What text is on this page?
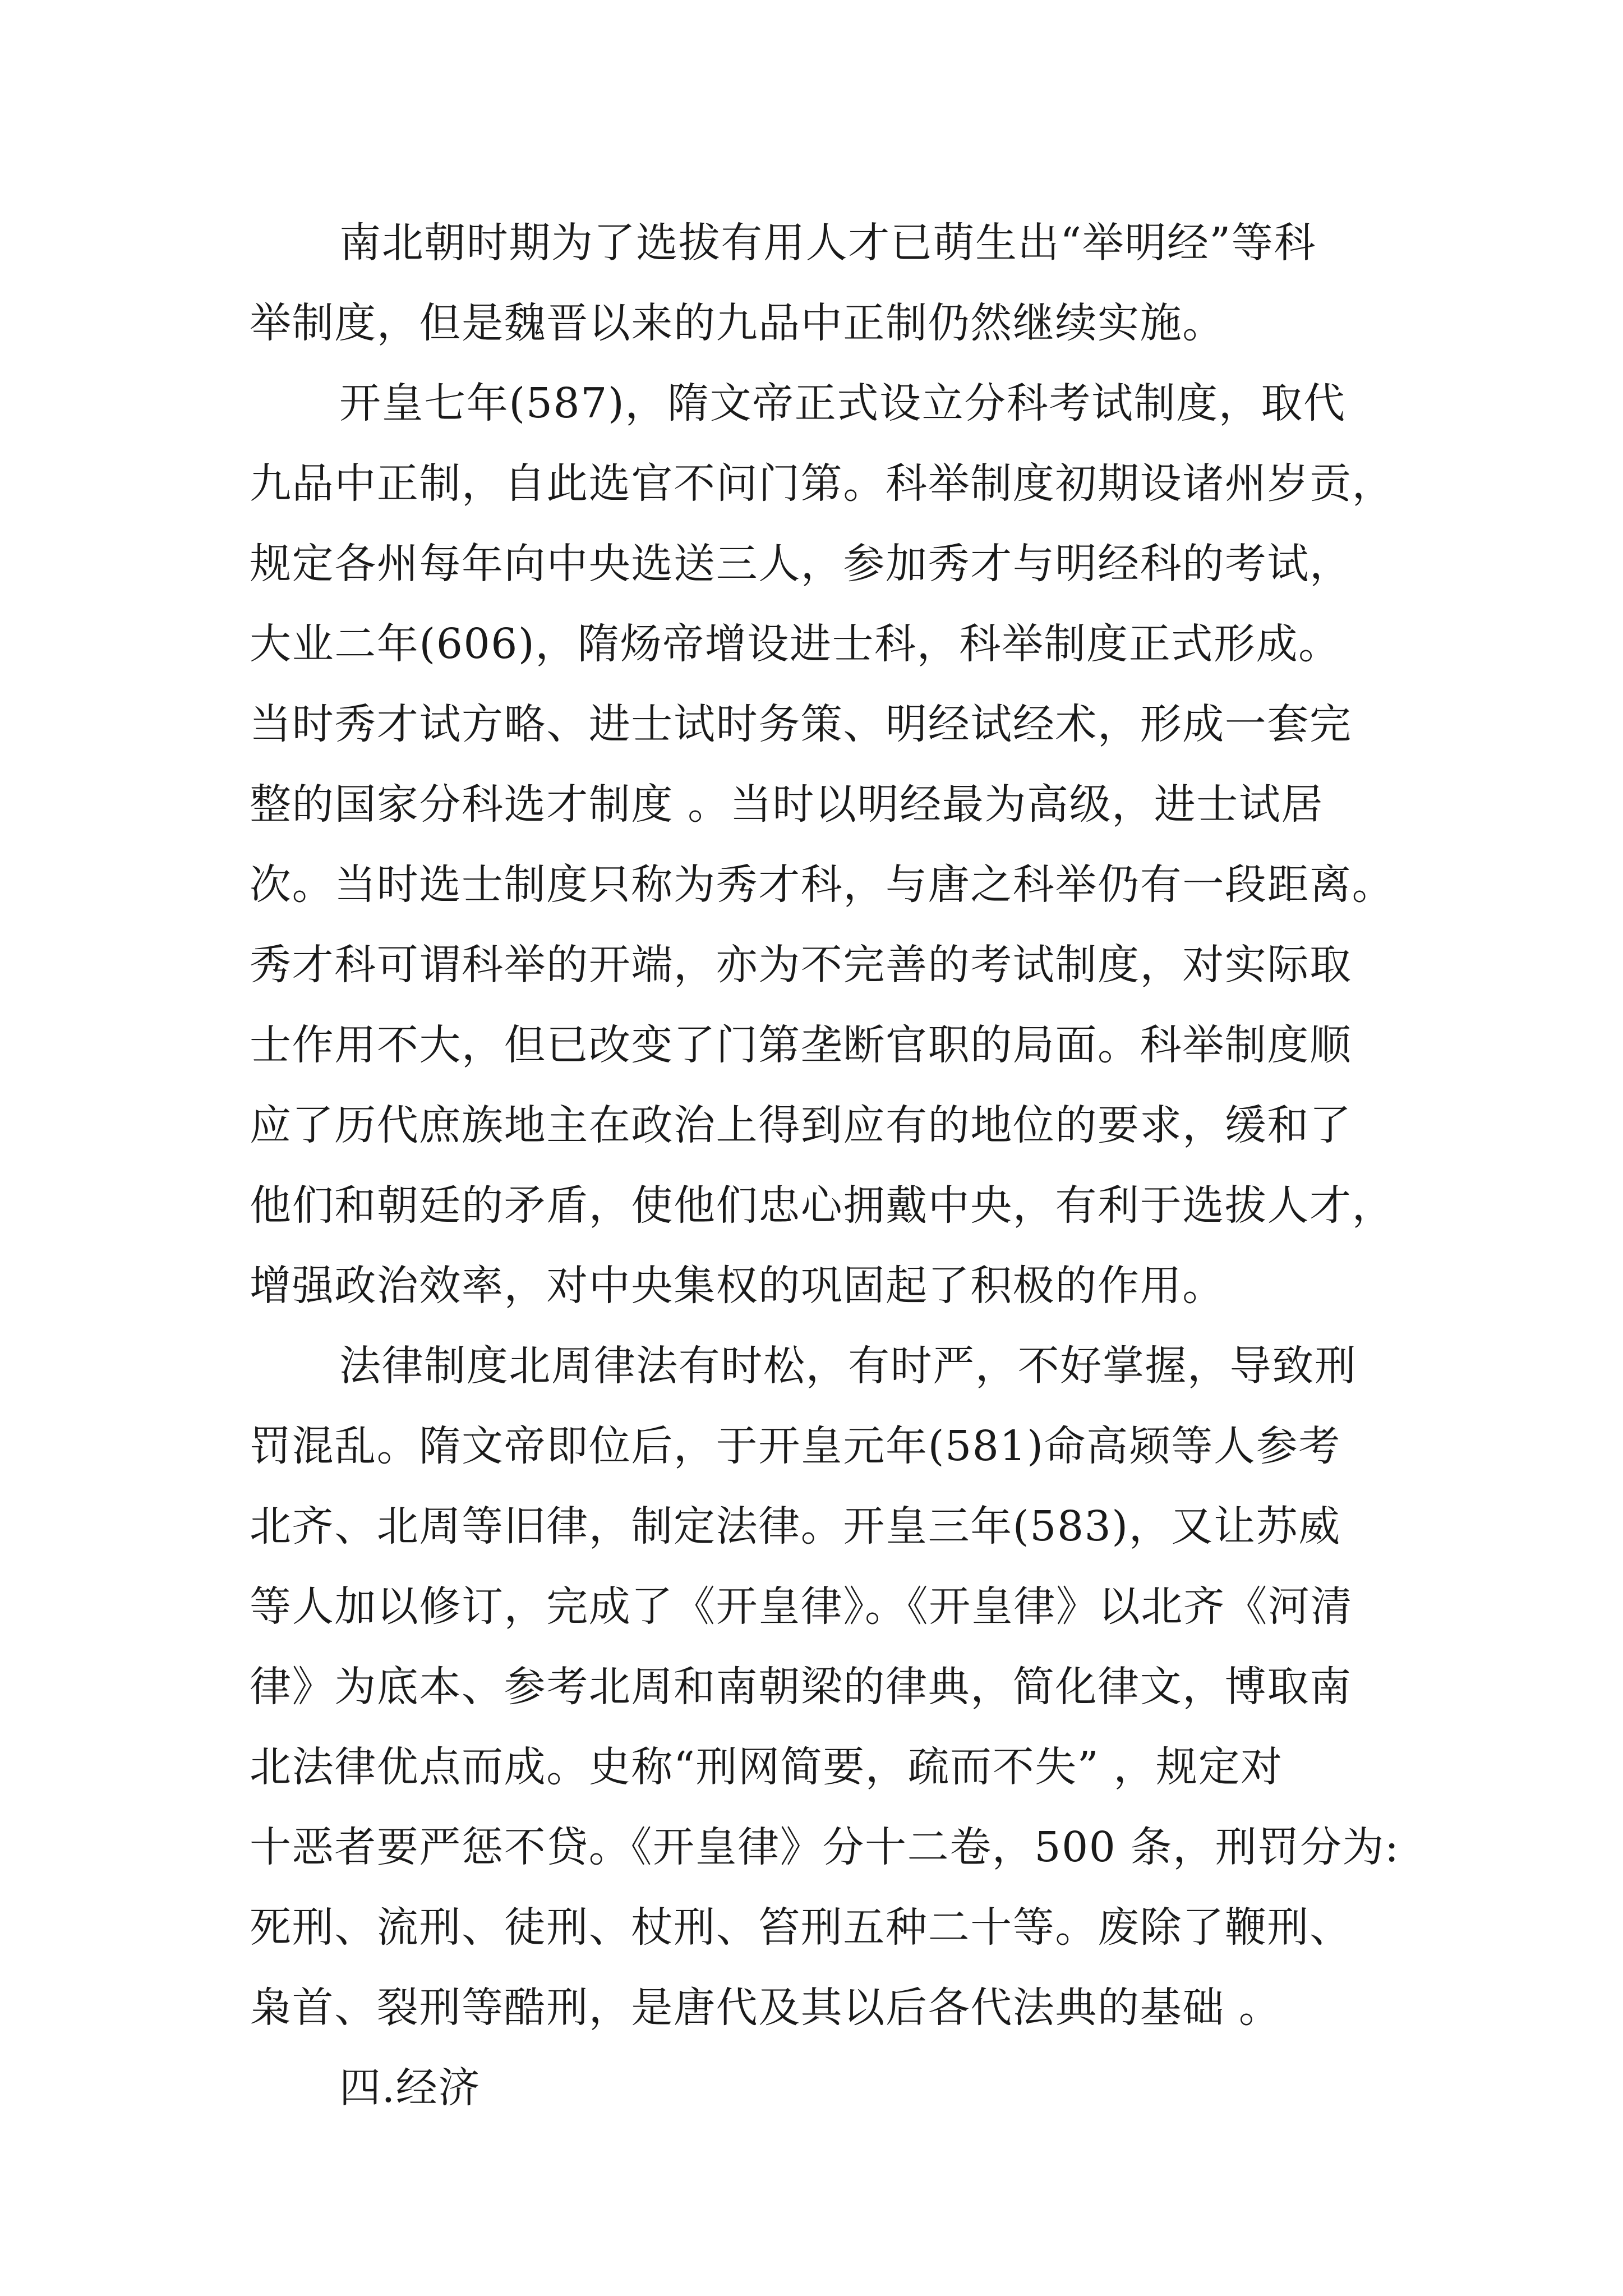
南北朝时期为了选拔有用人才已萌生出“举明经”等科
举制度，但是魏晋以来的九品中正制仍然继续实施。
开皇七年(587)，隋文帝正式设立分科考试制度，取代
九品中正制，自此选官不问门第。科举制度初期设诸州岁贡，
规定各州每年向中央选送三人，参加秀才与明经科的考试，
大业二年(606)，隋炀帝增设进士科，科举制度正式形成。
当时秀才试方略、进士试时务策、明经试经术，形成一套完
整的国家分科选才制度 。当时以明经最为高级，进士试居
次。当时选士制度只称为秀才科，与唐之科举仍有一段距离。
秀才科可谓科举的开端，亦为不完善的考试制度，对实际取
士作用不大，但已改变了门第垄断官职的局面。科举制度顺
应了历代庶族地主在政治上得到应有的地位的要求，缓和了
他们和朝廷的矛盾，使他们忠心拥戴中央，有利于选拔人才，
增强政治效率，对中央集权的巩固起了积极的作用。
法律制度北周律法有时松，有时严，不好掌握，导致刑
罚混乱。隋文帝即位后，于开皇元年(581)命高颎等人参考
北齐、北周等旧律，制定法律。开皇三年(583)，又让苏威
等人加以修订，完成了《开皇律》。《开皇律》以北齐《河清
律》为底本、参考北周和南朝梁的律典，简化律文，博取南
北法律优点而成。史称“刑网简要，疏而不失” ，规定对
十恶者要严惩不贷。《开皇律》分十二卷，500 条，刑罚分为:
死刑、流刑、徒刑、杖刑、笞刑五种二十等。废除了鞭刑、
枭首、裂刑等酷刑，是唐代及其以后各代法典的基础 。
四.经济
